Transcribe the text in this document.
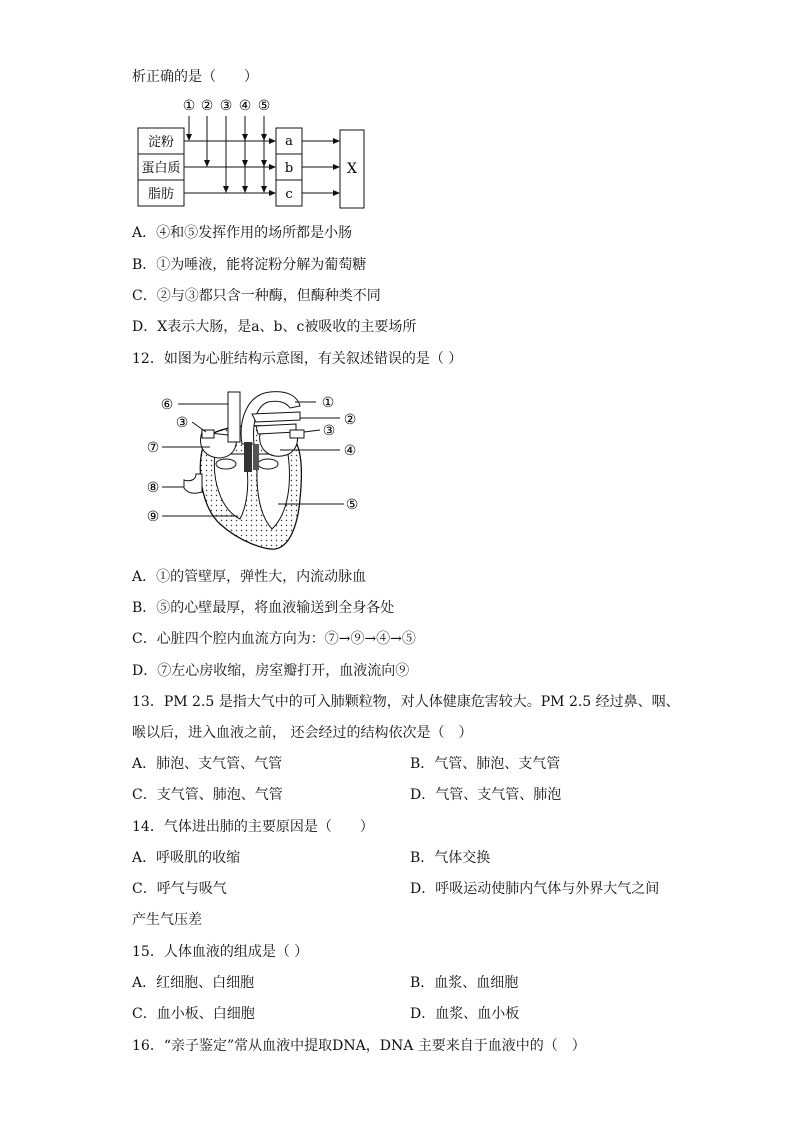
析正确的是（　　）
① ② ③ ④ ⑤
淀粉
蛋白质
脂肪
a
b
c
X
A．④和⑤发挥作用的场所都是小肠
B．①为唾液，能将淀粉分解为葡萄糖
C．②与③都只含一种酶，但酶种类不同
D．X表示大肠，是a、b、c被吸收的主要场所
12．如图为心脏结构示意图，有关叙述错误的是（ ）
①
②
③	③
④
⑤
⑥
⑦
⑧
⑨
A．①的管壁厚，弹性大，内流动脉血
B．⑤的心壁最厚，将血液输送到全身各处
C．心脏四个腔内血流方向为：⑦→⑨→④→⑤
D．⑦左心房收缩，房室瓣打开，血液流向⑨
13．PM 2.5 是指大气中的可入肺颗粒物，对人体健康危害较大。PM 2.5 经过鼻、咽、
喉以后，进入血液之前， 还会经过的结构依次是（　）
A．肺泡、支气管、气管	B．气管、肺泡、支气管
C．支气管、肺泡、气管	D．气管、支气管、肺泡
14．气体进出肺的主要原因是（　　）
A．呼吸肌的收缩	B．气体交换
C．呼气与吸气	D．呼吸运动使肺内气体与外界大气之间
产生气压差
15．人体血液的组成是（ ）
A．红细胞、白细胞	B．血浆、血细胞
C．血小板、白细胞	D．血浆、血小板
16．“亲子鉴定”常从血液中提取DNA，DNA 主要来自于血液中的（　）
